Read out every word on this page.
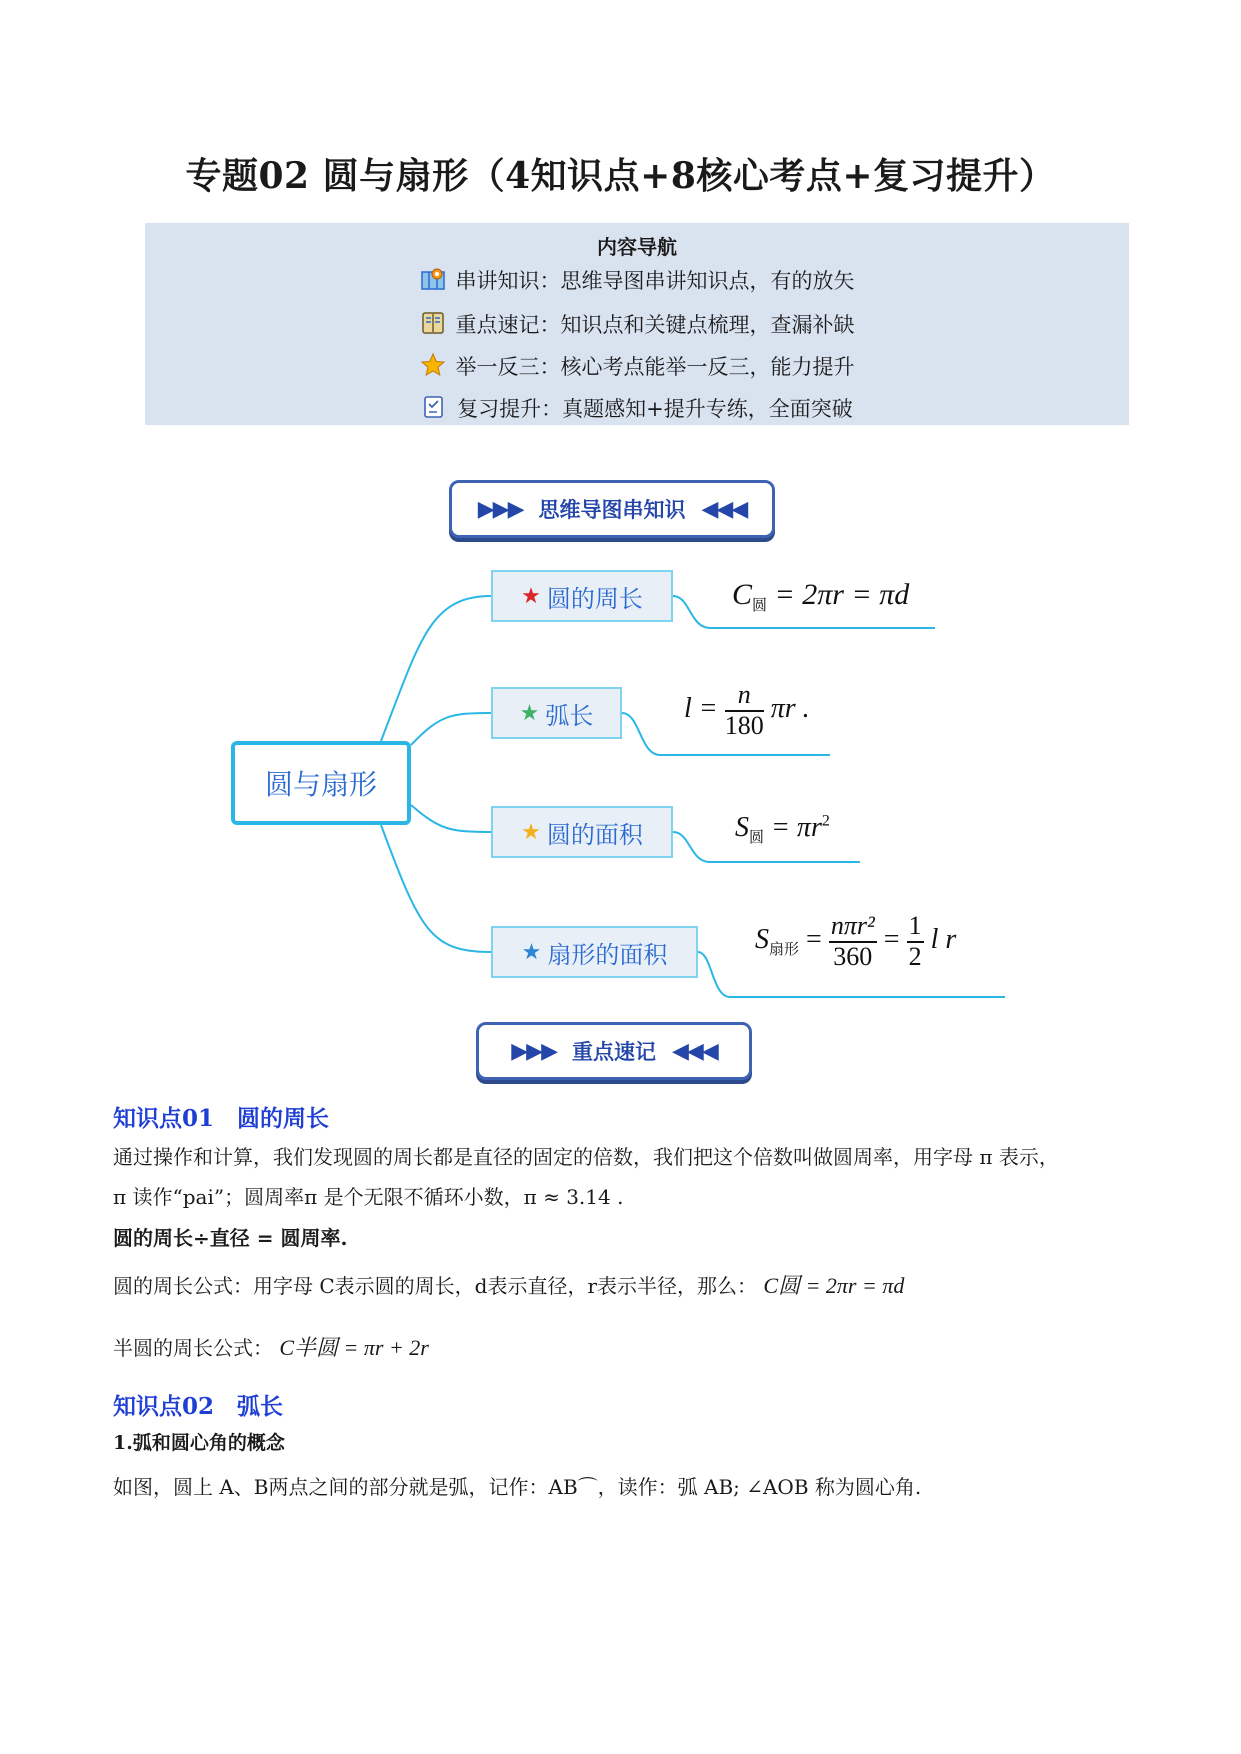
专题02 圆与扇形（4知识点+8核心考点+复习提升）
内容导航
串讲知识：思维导图串讲知识点，有的放矢
重点速记：知识点和关键点梳理，查漏补缺
举一反三：核心考点能举一反三，能力提升
复习提升：真题感知+提升专练，全面突破
▶▶▶ 思维导图串知识 ◀◀◀
圆与扇形
★ 圆的周长
★ 弧长
★ 圆的面积
★ 扇形的面积
$C_圆 = 2\pi r = \pi d$
$l = \frac{n}{180}$ πr .
$S_圆 = \pi r^2$
$S_{扇形} = \frac{\text{nπr²}}{360} = \frac{1}{2}$ l r
▶▶▶ 重点速记 ◀◀◀
知识点01　圆的周长
通过操作和计算，我们发现圆的周长都是直径的固定的倍数，我们把这个倍数叫做圆周率，用字母 π 表示，
π 读作“pai”；圆周率π 是个无限不循环小数，π ≈ 3.14 .
圆的周长÷直径 = 圆周率.
圆的周长公式：用字母 C表示圆的周长，d表示直径，r表示半径，那么： C圆 = 2πr = πd
半圆的周长公式： C半圆 = πr + 2r
知识点02　弧长
1.弧和圆心角的概念
如图，圆上 A、B两点之间的部分就是弧，记作：AB⌒，读作：弧 AB; ∠AOB 称为圆心角.
